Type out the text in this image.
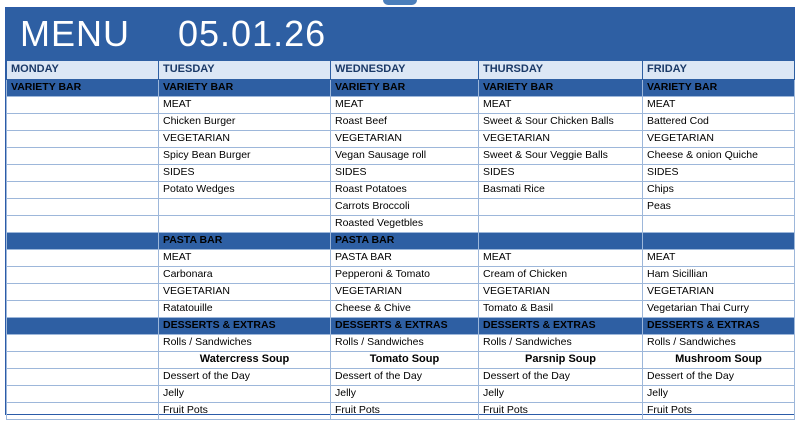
MENU 05.01.26
MONDAY	TUESDAY	WEDNESDAY	THURSDAY	FRIDAY
VARIETY BAR	VARIETY BAR	VARIETY BAR	VARIETY BAR	VARIETY BAR
	MEAT	MEAT	MEAT	MEAT
	Chicken Burger	Roast Beef	Sweet & Sour Chicken Balls	Battered Cod
	VEGETARIAN	VEGETARIAN	VEGETARIAN	VEGETARIAN
	Spicy Bean Burger	Vegan Sausage roll	Sweet & Sour Veggie Balls	Cheese & onion Quiche
	SIDES	SIDES	SIDES	SIDES
	Potato Wedges	Roast Potatoes	Basmati Rice	Chips
		Carrots Broccoli		Peas
		Roasted Vegetbles		
	PASTA BAR	PASTA BAR		
	MEAT	PASTA BAR	MEAT	MEAT
	Carbonara	Pepperoni & Tomato	Cream of Chicken	Ham Sicillian
	VEGETARIAN	VEGETARIAN	VEGETARIAN	VEGETARIAN
	Ratatouille	Cheese & Chive	Tomato & Basil	Vegetarian Thai Curry
	DESSERTS & EXTRAS	DESSERTS & EXTRAS	DESSERTS & EXTRAS	DESSERTS & EXTRAS
	Rolls / Sandwiches	Rolls / Sandwiches	Rolls / Sandwiches	Rolls / Sandwiches
	Watercress Soup	Tomato Soup	Parsnip Soup	Mushroom Soup
	Dessert of the Day	Dessert of the Day	Dessert of the Day	Dessert of the Day
	Jelly	Jelly	Jelly	Jelly
	Fruit Pots	Fruit Pots	Fruit Pots	Fruit Pots
